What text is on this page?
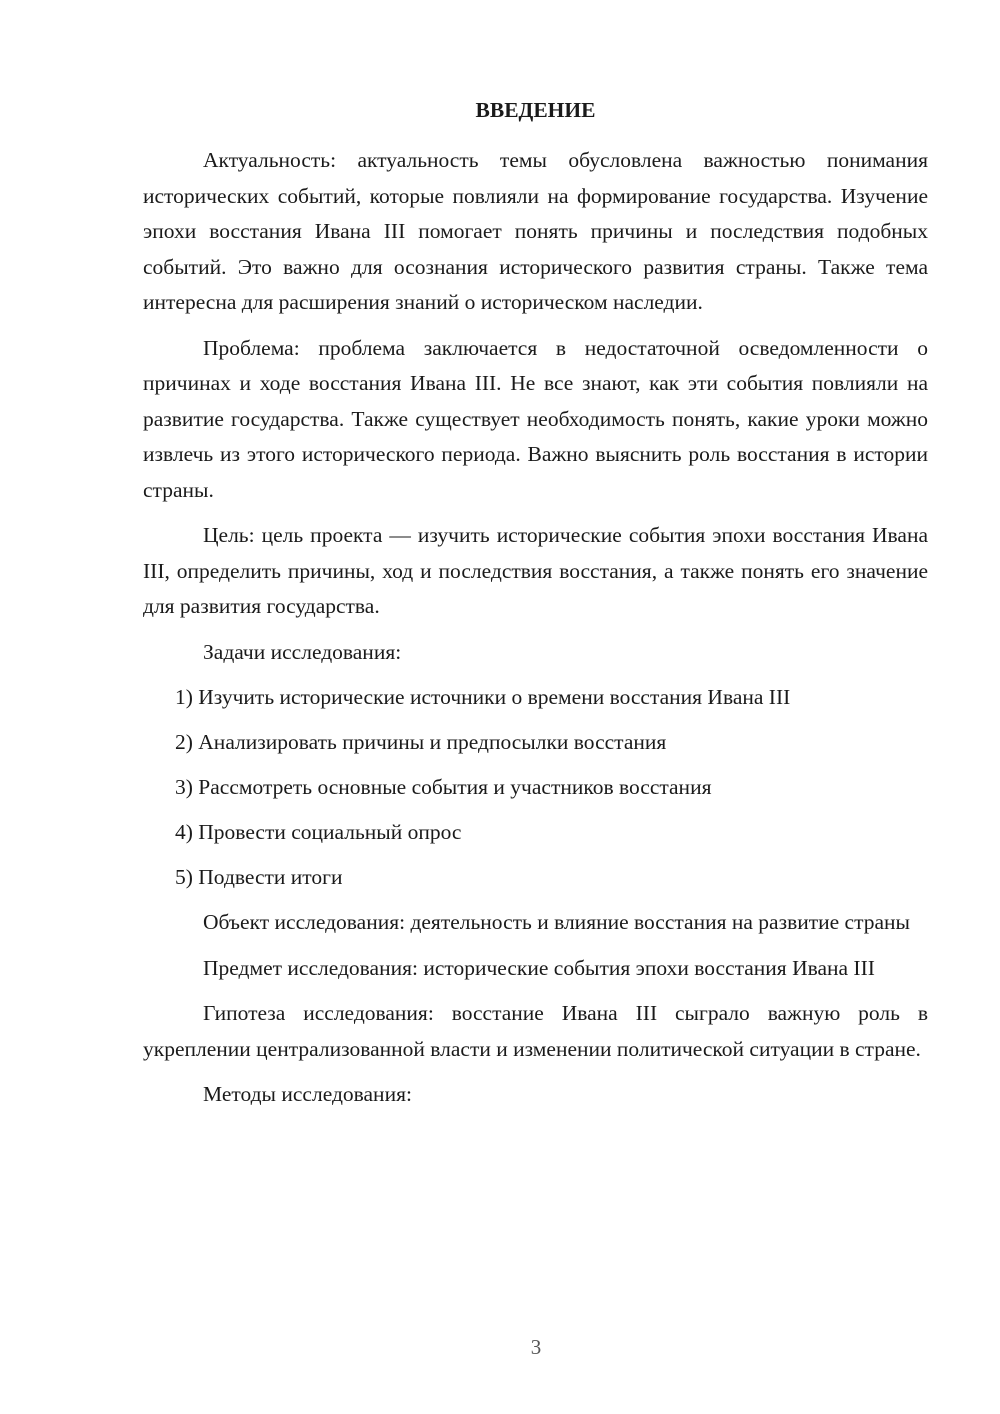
ВВЕДЕНИЕ

Актуальность: актуальность темы обусловлена важностью понимания исторических событий, которые повлияли на формирование государства. Изучение эпохи восстания Ивана III помогает понять причины и последствия подобных событий. Это важно для осознания исторического развития страны. Также тема интересна для расширения знаний о историческом наследии.

Проблема: проблема заключается в недостаточной осведомленности о причинах и ходе восстания Ивана III. Не все знают, как эти события повлияли на развитие государства. Также существует необходимость понять, какие уроки можно извлечь из этого исторического периода. Важно выяснить роль восстания в истории страны.

Цель: цель проекта — изучить исторические события эпохи восстания Ивана III, определить причины, ход и последствия восстания, а также понять его значение для развития государства.

Задачи исследования:

1) Изучить исторические источники о времени восстания Ивана III
2) Анализировать причины и предпосылки восстания
3) Рассмотреть основные события и участников восстания
4) Провести социальный опрос
5) Подвести итоги

Объект исследования: деятельность и влияние восстания на развитие страны

Предмет исследования: исторические события эпохи восстания Ивана III

Гипотеза исследования: восстание Ивана III сыграло важную роль в укреплении централизованной власти и изменении политической ситуации в стране.

Методы исследования:

3
